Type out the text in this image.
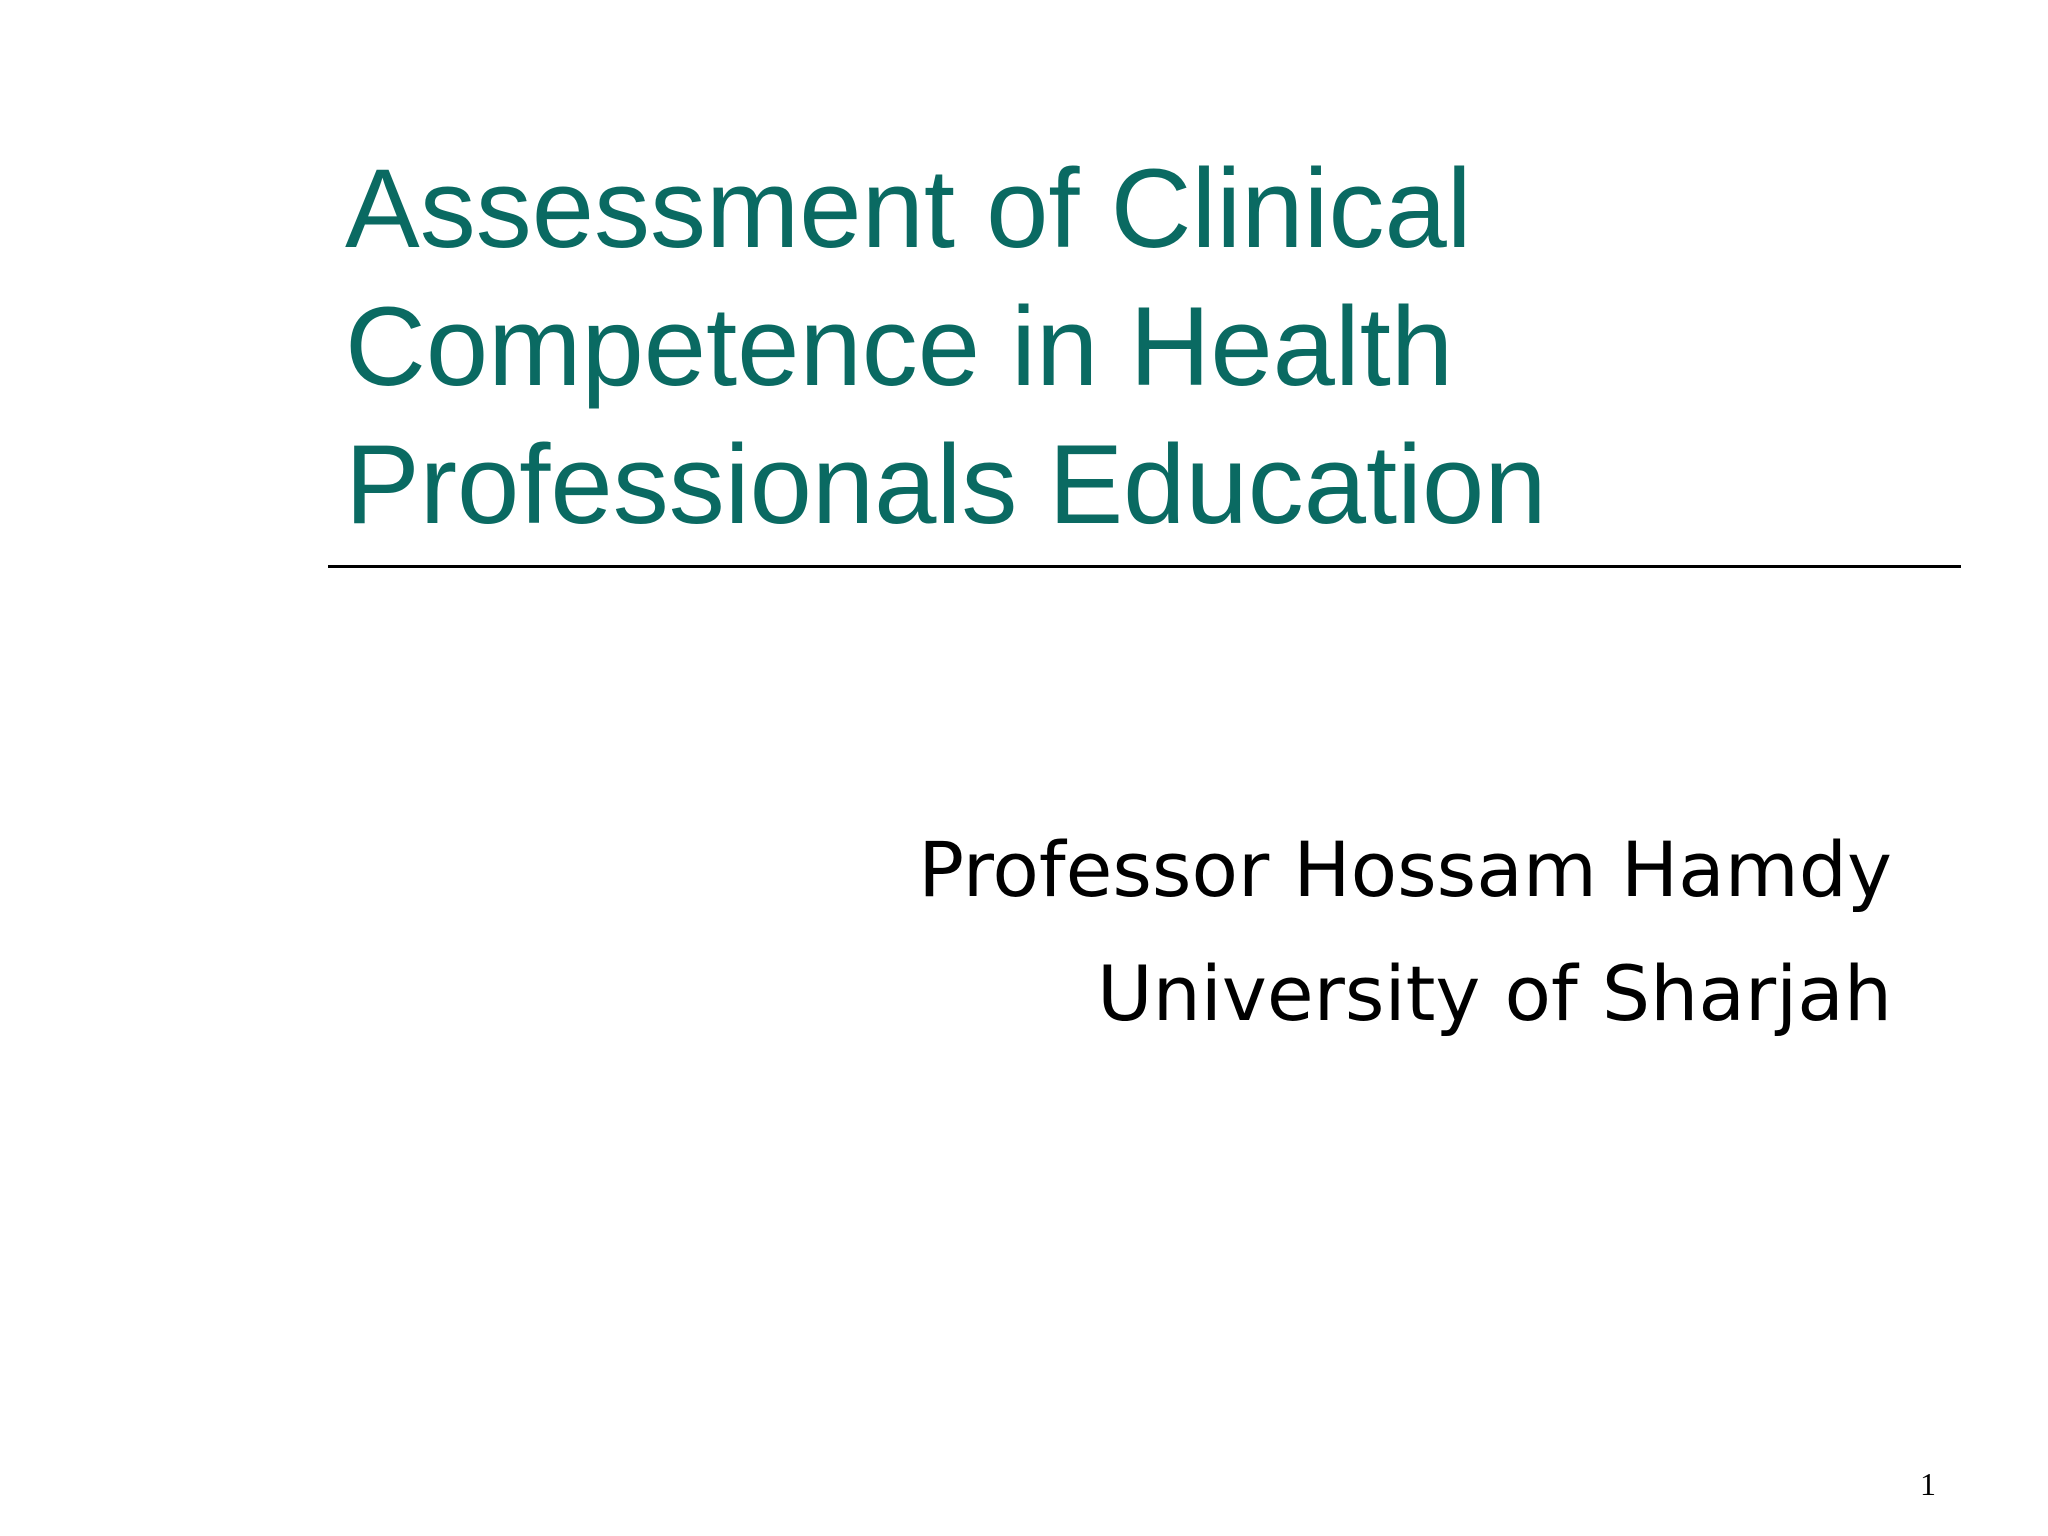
Assessment of Clinical
Competence in Health
Professionals Education
Professor Hossam Hamdy
University of Sharjah
1
